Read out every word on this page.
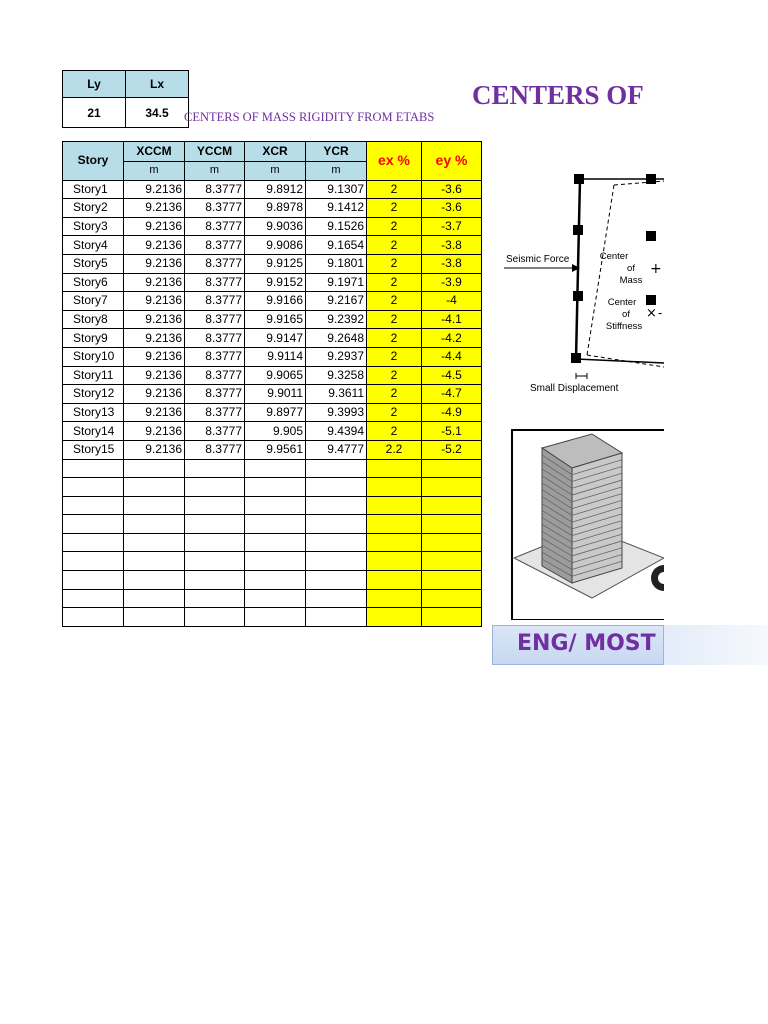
Ly	Lx
21	34.5
CENTERS OF
CENTERS OF MASS RIGIDITY FROM ETABS
Story	XCCM	YCCM	XCR	YCR	ex %	ey %
	m	m	m	m		
Story1	9.2136	8.3777	9.8912	9.1307	2	-3.6
Story2	9.2136	8.3777	9.8978	9.1412	2	-3.6
Story3	9.2136	8.3777	9.9036	9.1526	2	-3.7
Story4	9.2136	8.3777	9.9086	9.1654	2	-3.8
Story5	9.2136	8.3777	9.9125	9.1801	2	-3.8
Story6	9.2136	8.3777	9.9152	9.1971	2	-3.9
Story7	9.2136	8.3777	9.9166	9.2167	2	-4
Story8	9.2136	8.3777	9.9165	9.2392	2	-4.1
Story9	9.2136	8.3777	9.9147	9.2648	2	-4.2
Story10	9.2136	8.3777	9.9114	9.2937	2	-4.4
Story11	9.2136	8.3777	9.9065	9.3258	2	-4.5
Story12	9.2136	8.3777	9.9011	9.3611	2	-4.7
Story13	9.2136	8.3777	9.8977	9.3993	2	-4.9
Story14	9.2136	8.3777	9.905	9.4394	2	-5.1
Story15	9.2136	8.3777	9.9561	9.4777	2.2	-5.2

Seismic Force	Center
of
Mass
+
Center
of
Stiffness
× -
Small Displacement
ENG/ MOST
